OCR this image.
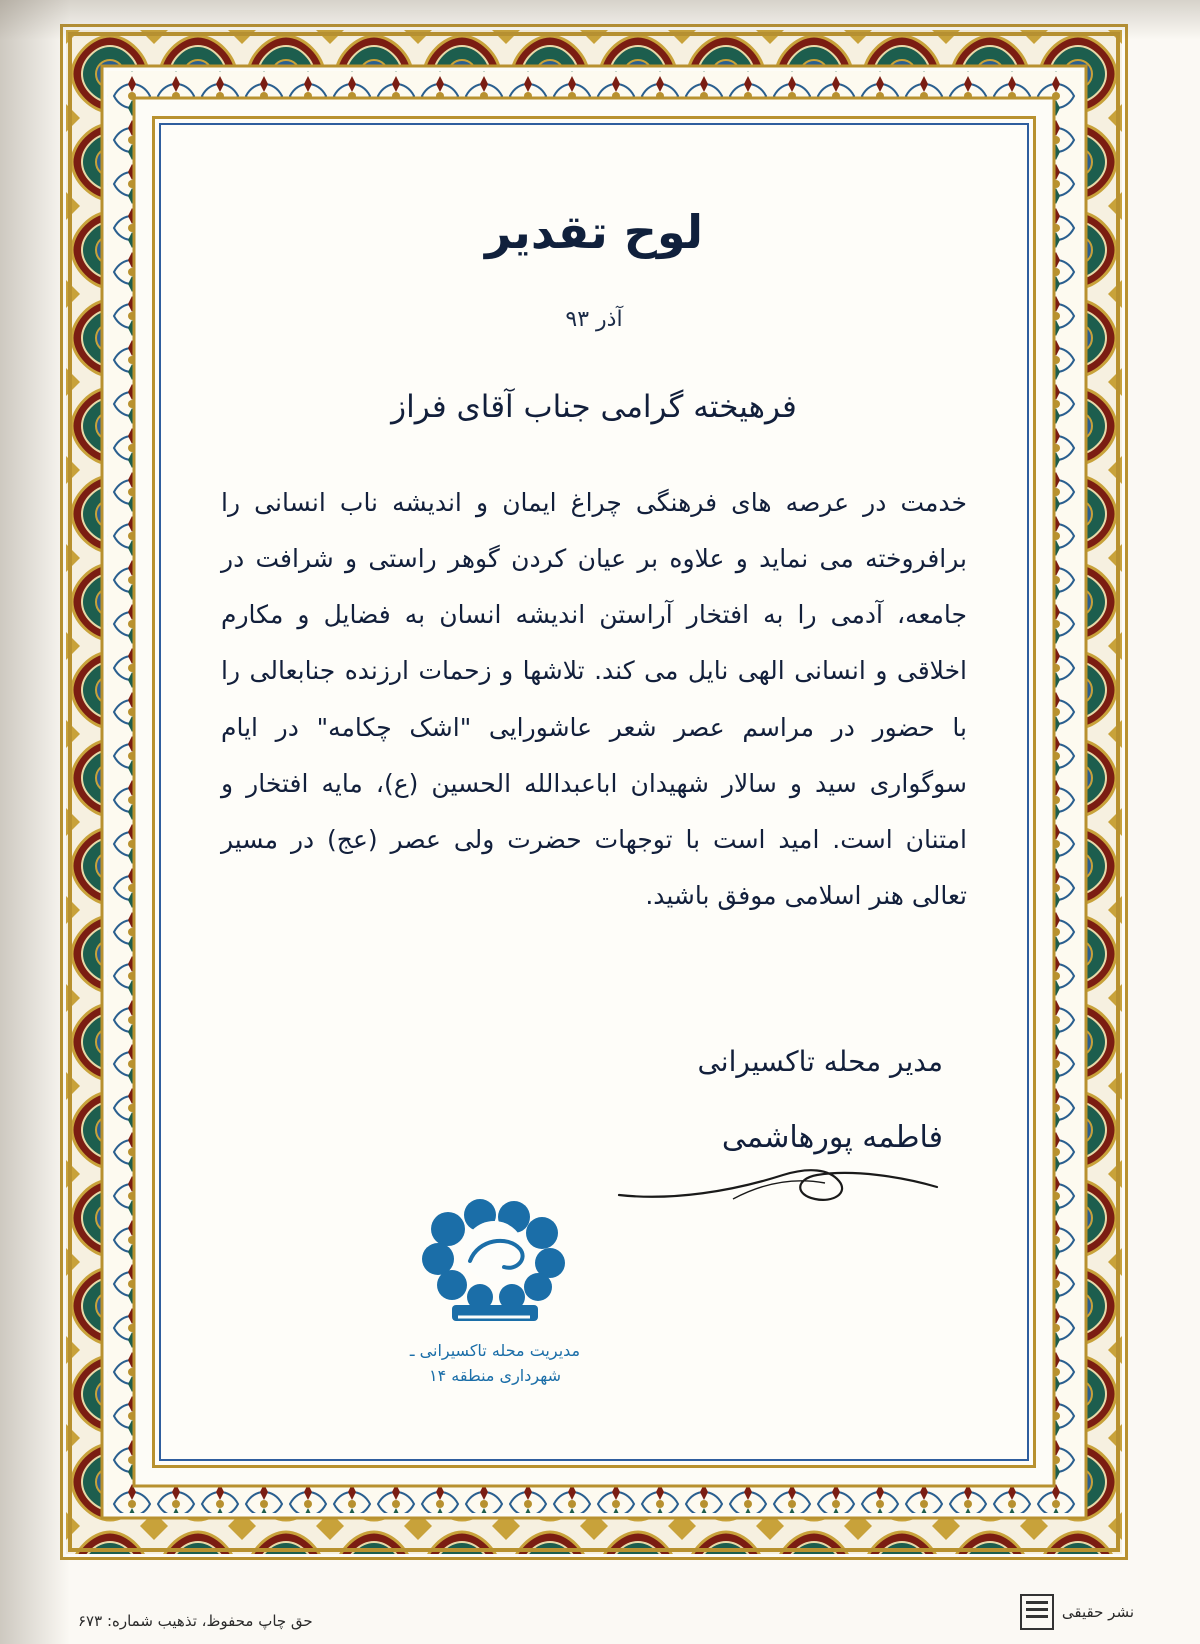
لوح تقدیر
آذر ۹۳
فرهیخته گرامی جناب آقای فراز
خدمت در عرصه های فرهنگی چراغ ایمان و اندیشه ناب انسانی را برافروخته می نماید و علاوه بر عیان کردن گوهر راستی و شرافت در جامعه، آدمی را به افتخار آراستن اندیشه انسان به فضایل و مکارم اخلاقی و انسانی الهی نایل می کند. تلاشها و زحمات ارزنده جنابعالی را با حضور در مراسم عصر شعر عاشورایی "اشک چکامه" در ایام سوگواری سید و سالار شهیدان اباعبدالله الحسین (ع)، مایه افتخار و امتنان است. امید است با توجهات حضرت ولی عصر (عج) در مسیر تعالی هنر اسلامی موفق باشید.
مدیر محله تاکسیرانی
فاطمه پورهاشمی
مدیریت محله تاکسیرانی ـ
شهرداری منطقه ۱۴
حق چاپ محفوظ، تذهیب شماره: ۶۷۳	نشر حقیقی
